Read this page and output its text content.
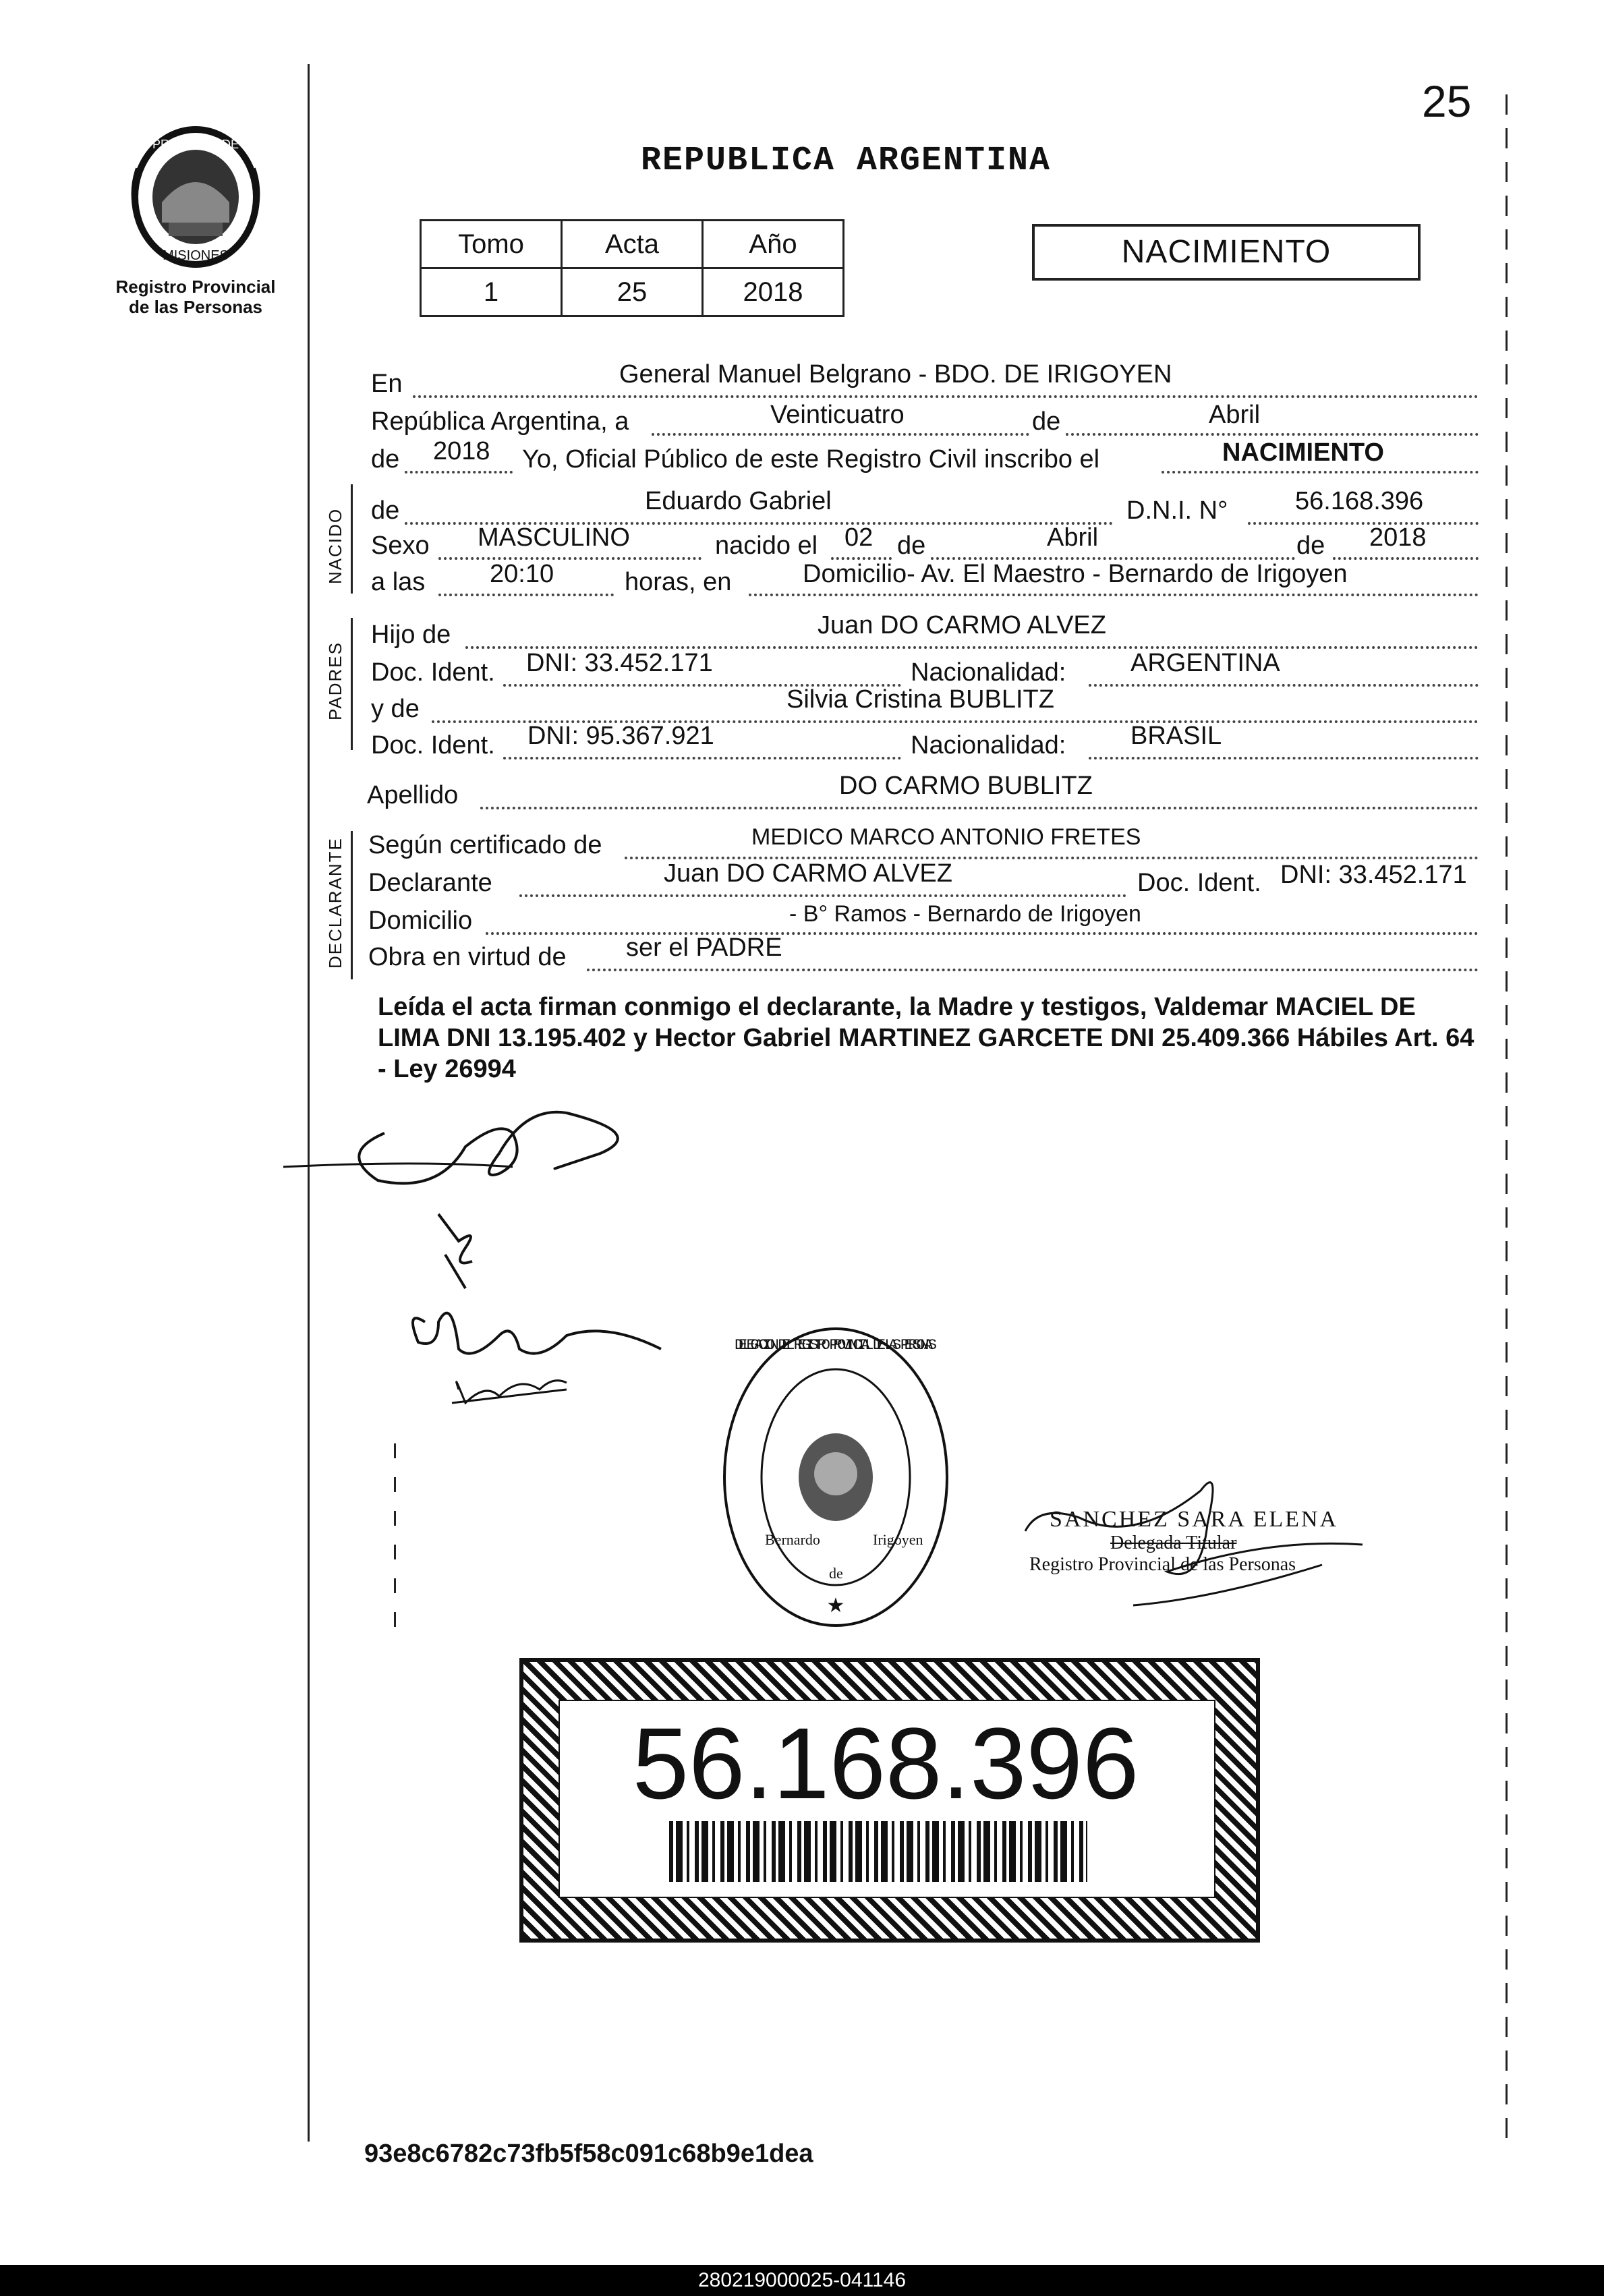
25
PROVINCIA DE
MISIONES
Registro Provincial
de las Personas
REPUBLICA ARGENTINA
Tomo	Acta	Año
1	25	2018
NACIMIENTO
En	General Manuel Belgrano - BDO. DE IRIGOYEN
República Argentina, a	Veinticuatro	de	Abril
de 2018 Yo, Oficial Público de este Registro Civil inscribo el	NACIMIENTO
NACIDO de	Eduardo Gabriel	D.N.I. N°	56.168.396
Sexo MASCULINO	nacido el 02 de	Abril	de 2018
a las	20:10	horas, en	Domicilio- Av. El Maestro - Bernardo de Irigoyen
PADRES
Hijo de	Juan DO CARMO ALVEZ
Doc. Ident. DNI: 33.452.171	Nacionalidad:	ARGENTINA
y de	Silvia Cristina BUBLITZ
Doc. Ident. DNI: 95.367.921	Nacionalidad:	BRASIL
Apellido	DO CARMO BUBLITZ
DECLARANTE Según certificado de	MEDICO MARCO ANTONIO FRETES
Declarante	Juan DO CARMO ALVEZ	Doc. Ident. DNI: 33.452.171
Domicilio	- B° Ramos - Bernardo de Irigoyen
Obra en virtud de ser el PADRE
Leída el acta firman conmigo el declarante, la Madre y testigos, Valdemar MACIEL DE LIMA DNI 13.195.402 y Hector Gabriel MARTINEZ GARCETE DNI 25.409.366 Hábiles Art. 64 - Ley 26994
DELEGACION DEL REGISTRO PROVINCIAL DE LAS PERSONAS
Bernardo
de
Irigoyen
★
SANCHEZ SARA ELENA
Delegada Titular
Registro Provincial de las Personas
56.168.396
93e8c6782c73fb5f58c091c68b9e1dea
280219000025-041146
